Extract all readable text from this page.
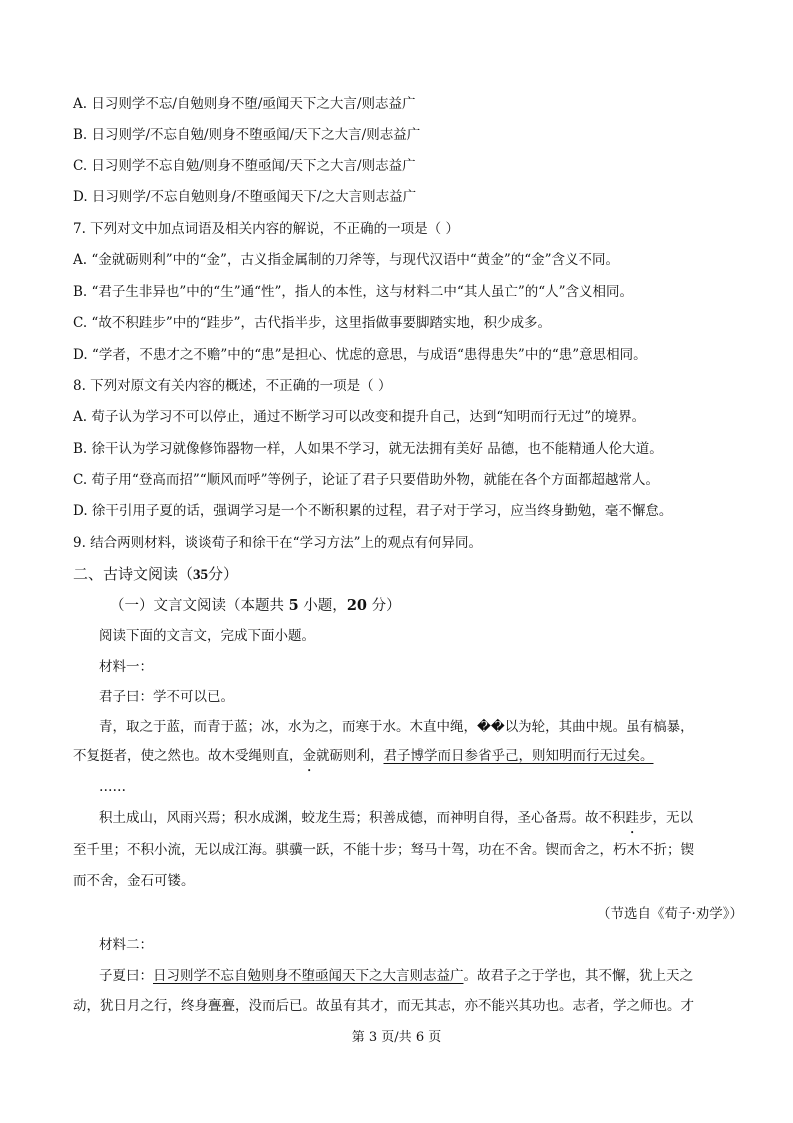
A. 日习则学不忘/自勉则身不堕/亟闻天下之大言/则志益广
B. 日习则学/不忘自勉/则身不堕亟闻/天下之大言/则志益广
C. 日习则学不忘自勉/则身不堕亟闻/天下之大言/则志益广
D. 日习则学/不忘自勉则身/不堕亟闻天下/之大言则志益广
7. 下列对文中加点词语及相关内容的解说，不正确的一项是（ ）
A. “金就砺则利”中的“金”，古义指金属制的刀斧等，与现代汉语中“黄金”的“金”含义不同。
B. “君子生非异也”中的“生”通“性”，指人的本性，这与材料二中“其人虽亡”的“人”含义相同。
C. “故不积跬步”中的“跬步”，古代指半步，这里指做事要脚踏实地，积少成多。
D. “学者，不患才之不赡”中的“患”是担心、忧虑的意思，与成语“患得患失”中的“患”意思相同。
8. 下列对原文有关内容的概述，不正确的一项是（ ）
A. 荀子认为学习不可以停止，通过不断学习可以改变和提升自己，达到“知明而行无过”的境界。
B. 徐干认为学习就像修饰器物一样，人如果不学习，就无法拥有美好 品德，也不能精通人伦大道。
C. 荀子用“登高而招”“顺风而呼”等例子，论证了君子只要借助外物，就能在各个方面都超越常人。
D. 徐干引用子夏的话，强调学习是一个不断积累的过程，君子对于学习，应当终身勤勉，毫不懈怠。
9. 结合两则材料，谈谈荀子和徐干在“学习方法”上的观点有何异同。
二、古诗文阅读（35分）
（一）文言文阅读（本题共 5 小题，20 分）
阅读下面的文言文，完成下面小题。
材料一：
君子曰：学不可以已。
青，取之于蓝，而青于蓝；冰，水为之，而寒于水。木直中绳，��以为轮，其曲中规。虽有槁暴，
不复挺者，使之然也。故木受绳则直，金就砺则利，君子博学而日参省乎己，则知明而行无过矣。
……
积土成山，风雨兴焉；积水成渊，蛟龙生焉；积善成德，而神明自得，圣心备焉。故不积跬步，无以
至千里；不积小流，无以成江海。骐骥一跃，不能十步；驽马十驾，功在不舍。锲而舍之，朽木不折；锲
而不舍，金石可镂。
（节选自《荀子·劝学》）
材料二：
子夏曰：日习则学不忘自勉则身不堕亟闻天下之大言则志益广。故君子之于学也，其不懈，犹上天之
动，犹日月之行，终身亹亹，没而后已。故虽有其才，而无其志，亦不能兴其功也。志者，学之师也。才
第 3 页/共 6 页
